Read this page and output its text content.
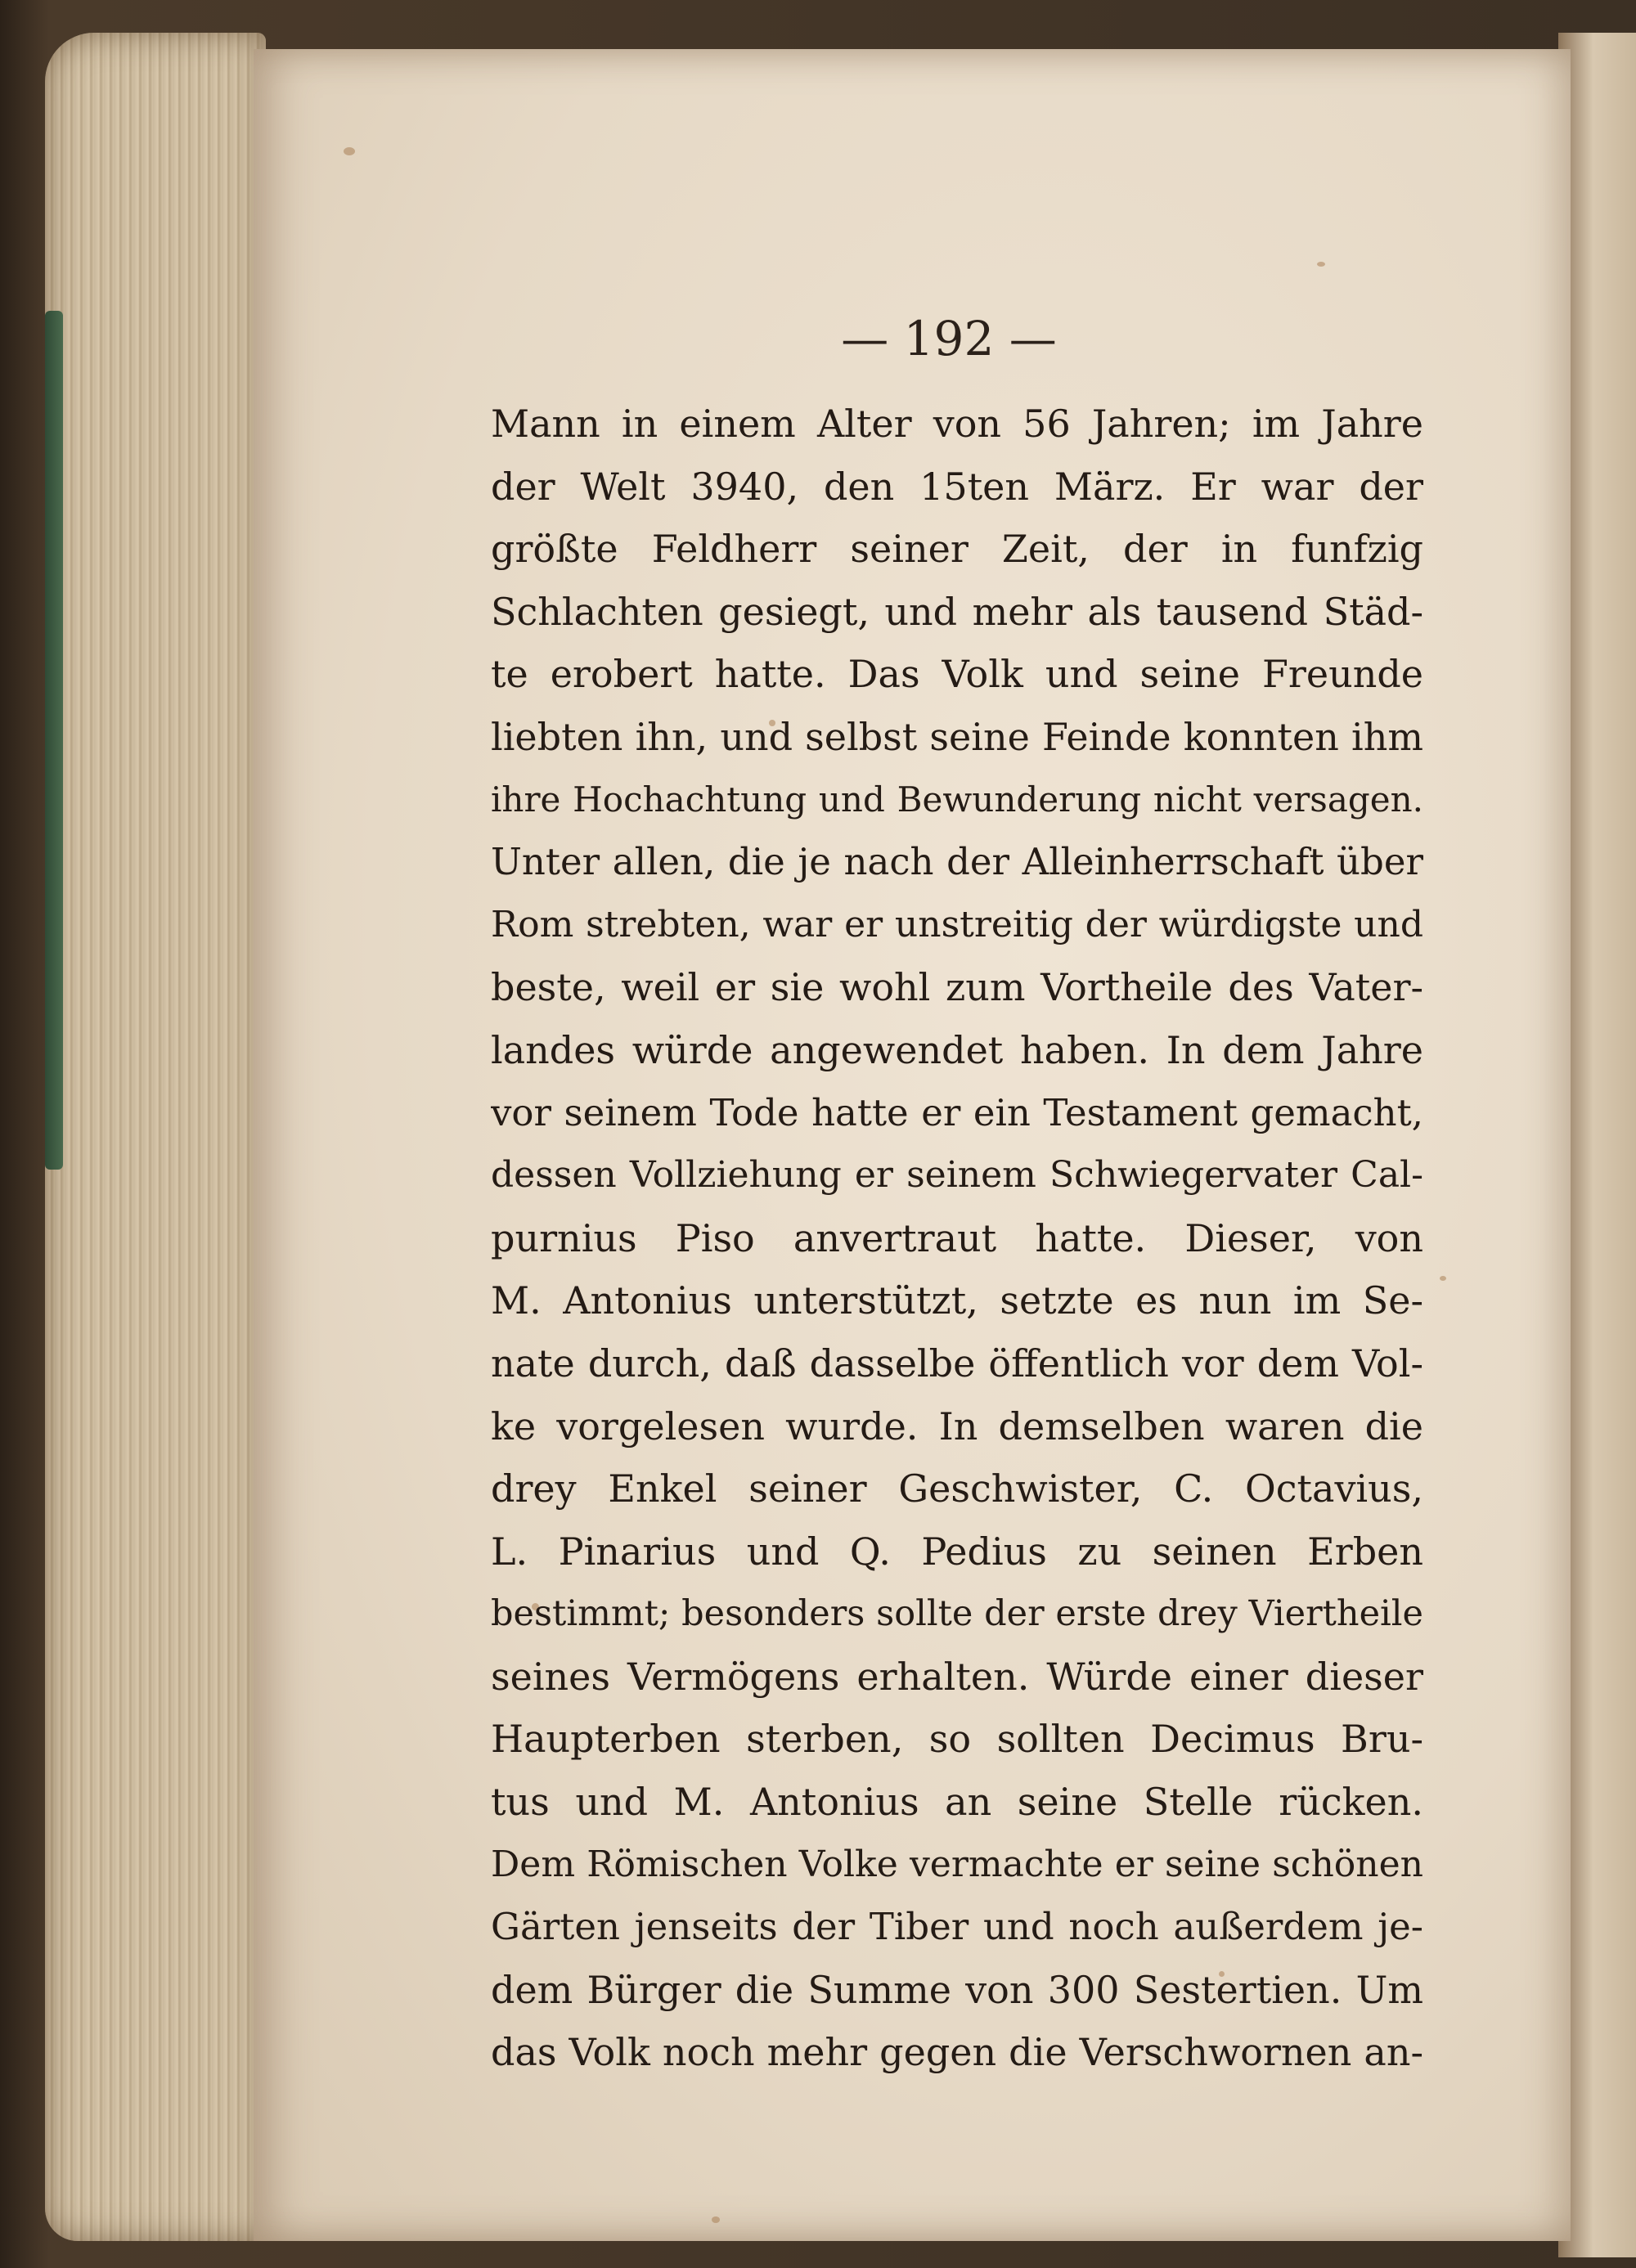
— 192 —
Mann in einem Alter von 56 Jahren; im Jahre
der Welt 3940, den 15ten März. Er war der
größte Feldherr seiner Zeit, der in funfzig
Schlachten gesiegt, und mehr als tausend Städ-
te erobert hatte. Das Volk und seine Freunde
liebten ihn, und selbst seine Feinde konnten ihm
ihre Hochachtung und Bewunderung nicht versagen.
Unter allen, die je nach der Alleinherrschaft über
Rom strebten, war er unstreitig der würdigste und
beste, weil er sie wohl zum Vortheile des Vater-
landes würde angewendet haben. In dem Jahre
vor seinem Tode hatte er ein Testament gemacht,
dessen Vollziehung er seinem Schwiegervater Cal-
purnius Piso anvertraut hatte. Dieser, von
M. Antonius unterstützt, setzte es nun im Se-
nate durch, daß dasselbe öffentlich vor dem Vol-
ke vorgelesen wurde. In demselben waren die
drey Enkel seiner Geschwister, C. Octavius,
L. Pinarius und Q. Pedius zu seinen Erben
bestimmt; besonders sollte der erste drey Viertheile
seines Vermögens erhalten. Würde einer dieser
Haupterben sterben, so sollten Decimus Bru-
tus und M. Antonius an seine Stelle rücken.
Dem Römischen Volke vermachte er seine schönen
Gärten jenseits der Tiber und noch außerdem je-
dem Bürger die Summe von 300 Sestertien. Um
das Volk noch mehr gegen die Verschwornen an-
